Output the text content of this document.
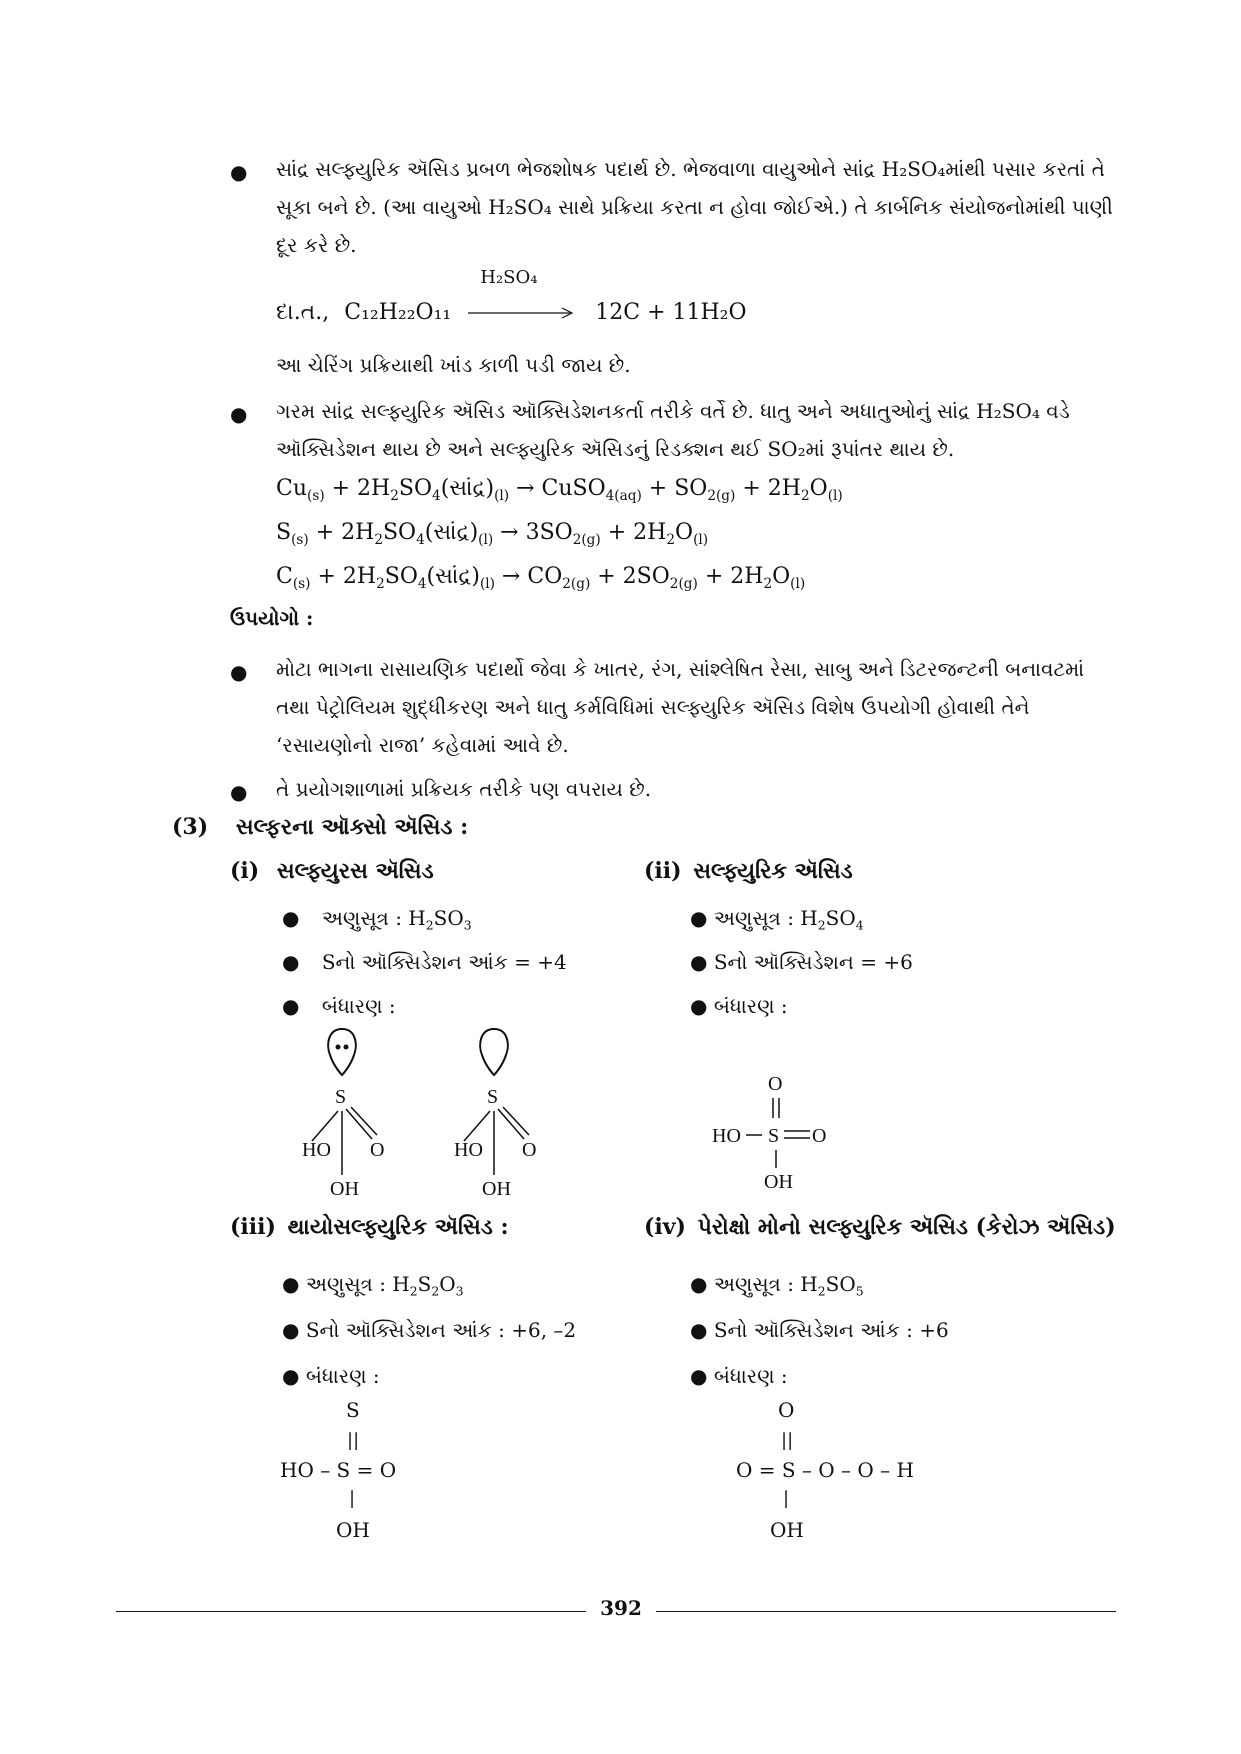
● સાંદ્ર સલ્ફ્યુરિક ઍસિડ પ્રબળ ભેજશોષક પદાર્થ છે. ભેજવાળા વાયુઓને સાંદ્ર H₂SO₄માંથી પસાર કરતાં તે સૂકા બને છે. (આ વાયુઓ H₂SO₄ સાથે પ્રક્રિયા કરતા ન હોવા જોઈએ.) તે કાર્બનિક સંયોજનોમાંથી પાણી દૂર કરે છે.
દા.ત., C₁₂H₂₂O₁₁
H₂SO₄
12C + 11H₂O
આ ચેરિંગ પ્રક્રિયાથી ખાંડ કાળી પડી જાય છે.
● ગરમ સાંદ્ર સલ્ફ્યુરિક ઍસિડ ઑક્સિડેશનકર્તા તરીકે વર્તે છે. ધાતુ અને અધાતુઓનું સાંદ્ર H₂SO₄ વડે ઑક્સિડેશન થાય છે અને સલ્ફ્યુરિક ઍસિડનું રિડક્શન થઈ SO₂માં રૂપાંતર થાય છે.
$Cu_{(s)}$ + $2H_2SO_4(સાંદ્ર)_{(l)}$ → CuSO$_{4(aq)}$ + $SO_{2(g)} + 2H_2O_{(l)}$
$S_{(s)}$ + $2H_2SO_4(સાંદ્ર)_{(l)} \to 3SO_{2(g)} + 2H_2O_{(l)}$
$C_{(s)}$ + $2H_2SO_4(સાંદ્ર)_{(l)} \to CO_{2(g)} + 2SO_{2(g)} + 2H_2O_{(l)}$
ઉપયોગો :
● મોટા ભાગના રાસાયણિક પદાર્થો જેવા કે ખાતર, રંગ, સાંશ્લેષિત રેસા, સાબુ અને ડિટરજન્ટની બનાવટમાં તથા પેટ્રોલિયમ શુદ્ધીકરણ અને ધાતુ કર્મવિધિમાં સલ્ફ્યુરિક ઍસિડ વિશેષ ઉપયોગી હોવાથી તેને ‘રસાયણોનો રાજા’ કહેવામાં આવે છે.
● તે પ્રયોગશાળામાં પ્રક્રિયક તરીકે પણ વપરાય છે.
(3) સલ્ફરના ઑક્સો ઍસિડ :
(i) સલ્ફ્યુરસ ઍસિડ
● અણુસૂત્ર : $H_2SO_3$
● Sનો ઑક્સિડેશન આંક = +4
● બંધારણ :
S
HO O
OH
S
HO O
OH
(ii) સલ્ફ્યુરિક ઍસિડ
● અણુસૂત્ર : $H_2SO_4$
● Sનો ઑક્સિડેશન = +6
● બંધારણ :
O
HO S O
OH
(iii) થાયોસલ્ફ્યુરિક ઍસિડ :
● અણુસૂત્ર : $H_2S_2O_3$
● Sનો ઑક્સિડેશન આંક : +6, –2
● બંધારણ :
S
||
HO – S = O
|
OH
(iv) પેરોક્ષો મોનો સલ્ફ્યુરિક ઍસિડ (કેરોઝ ઍસિડ)
● અણુસૂત્ર : $H_2SO_5$
● Sનો ઑક્સિડેશન આંક : +6
● બંધારણ :
O
||
O = S – O – O – H
|
OH
392
